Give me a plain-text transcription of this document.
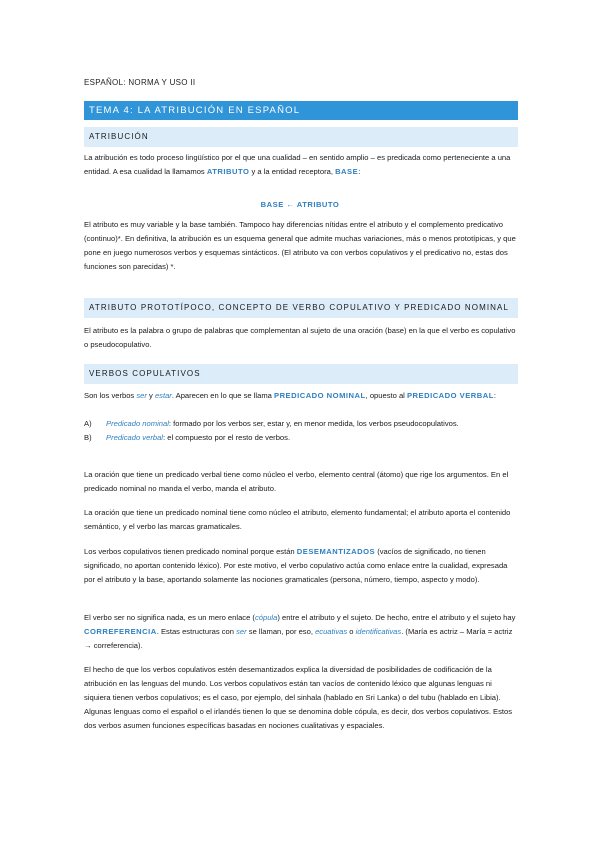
ESPAÑOL: NORMA Y USO II
TEMA 4: LA ATRIBUCIÓN EN ESPAÑOL
ATRIBUCIÓN
La atribución es todo proceso lingüístico por el que una cualidad – en sentido amplio – es predicada como perteneciente a una entidad. A esa cualidad la llamamos ATRIBUTO y a la entidad receptora, BASE:
BASE ← ATRIBUTO
El atributo es muy variable y la base también. Tampoco hay diferencias nítidas entre el atributo y el complemento predicativo (continuo)*. En definitiva, la atribución es un esquema general que admite muchas variaciones, más o menos prototípicas, y que pone en juego numerosos verbos y esquemas sintácticos. (El atributo va con verbos copulativos y el predicativo no, estas dos funciones son parecidas) *.
ATRIBUTO PROTOTÍPOCO, CONCEPTO DE VERBO COPULATIVO Y PREDICADO NOMINAL
El atributo es la palabra o grupo de palabras que complementan al sujeto de una oración (base) en la que el verbo es copulativo o pseudocopulativo.
VERBOS COPULATIVOS
Son los verbos ser y estar. Aparecen en lo que se llama PREDICADO NOMINAL, opuesto al PREDICADO VERBAL:
A)	Predicado nominal: formado por los verbos ser, estar y, en menor medida, los verbos pseudocopulativos.
B)	Predicado verbal: el compuesto por el resto de verbos.
La oración que tiene un predicado verbal tiene como núcleo el verbo, elemento central (átomo) que rige los argumentos. En el predicado nominal no manda el verbo, manda el atributo.
La oración que tiene un predicado nominal tiene como núcleo el atributo, elemento fundamental; el atributo aporta el contenido semántico, y el verbo las marcas gramaticales.
Los verbos copulativos tienen predicado nominal porque están DESEMANTIZADOS (vacíos de significado, no tienen significado, no aportan contenido léxico). Por este motivo, el verbo copulativo actúa como enlace entre la cualidad, expresada por el atributo y la base, aportando solamente las nociones gramaticales (persona, número, tiempo, aspecto y modo).
El verbo ser no significa nada, es un mero enlace (cópula) entre el atributo y el sujeto. De hecho, entre el atributo y el sujeto hay CORREFERENCIA. Estas estructuras con ser se llaman, por eso, ecuativas o identificativas. (María es actriz – María = actriz → correferencia).
El hecho de que los verbos copulativos estén desemantizados explica la diversidad de posibilidades de codificación de la atribución en las lenguas del mundo. Los verbos copulativos están tan vacíos de contenido léxico que algunas lenguas ni siquiera tienen verbos copulativos; es el caso, por ejemplo, del sinhala (hablado en Sri Lanka) o del tubu (hablado en Libia). Algunas lenguas como el español o el irlandés tienen lo que se denomina doble cópula, es decir, dos verbos copulativos. Estos dos verbos asumen funciones específicas basadas en nociones cualitativas y espaciales.
